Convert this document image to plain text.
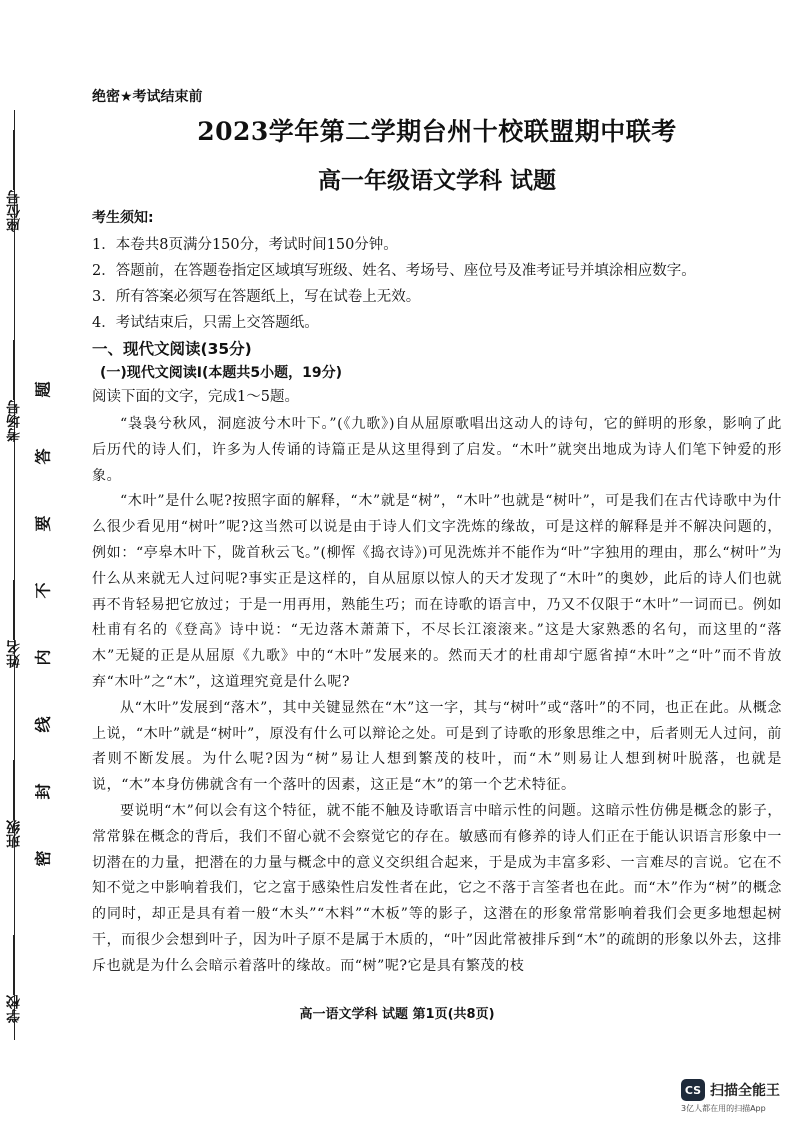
学校
班级
姓名
考场号
座位号
题
答
要
不
内
线
封
密
绝密★考试结束前
2023学年第二学期台州十校联盟期中联考
高一年级语文学科 试题
考生须知:
1．本卷共8页满分150分，考试时间150分钟。
2．答题前，在答题卷指定区域填写班级、姓名、考场号、座位号及准考证号并填涂相应数字。
3．所有答案必须写在答题纸上，写在试卷上无效。
4．考试结束后，只需上交答题纸。
一、现代文阅读(35分)
(一)现代文阅读Ⅰ(本题共5小题，19分)
阅读下面的文字，完成1～5题。

“袅袅兮秋风，洞庭波兮木叶下。”(《九歌》)自从屈原歌唱出这动人的诗句，它的鲜明的形象，影响了此后历代的诗人们，许多为人传诵的诗篇正是从这里得到了启发。“木叶”就突出地成为诗人们笔下钟爱的形象。

“木叶”是什么呢?按照字面的解释，“木”就是“树”，“木叶”也就是“树叶”，可是我们在古代诗歌中为什么很少看见用“树叶”呢?这当然可以说是由于诗人们文字洗炼的缘故，可是这样的解释是并不解决问题的，例如：“亭皋木叶下，陇首秋云飞。”(柳恽《捣衣诗》)可见洗炼并不能作为“叶”字独用的理由，那么“树叶”为什么从来就无人过问呢?事实正是这样的，自从屈原以惊人的天才发现了“木叶”的奥妙，此后的诗人们也就再不肯轻易把它放过；于是一用再用，熟能生巧；而在诗歌的语言中，乃又不仅限于“木叶”一词而已。例如杜甫有名的《登高》诗中说：“无边落木萧萧下，不尽长江滚滚来。”这是大家熟悉的名句，而这里的“落木”无疑的正是从屈原《九歌》中的“木叶”发展来的。然而天才的杜甫却宁愿省掉“木叶”之“叶”而不肯放弃“木叶”之“木”，这道理究竟是什么呢?

从“木叶”发展到“落木”，其中关键显然在“木”这一字，其与“树叶”或“落叶”的不同，也正在此。从概念上说，“木叶”就是“树叶”，原没有什么可以辩论之处。可是到了诗歌的形象思维之中，后者则无人过问，前者则不断发展。为什么呢?因为“树”易让人想到繁茂的枝叶，而“木”则易让人想到树叶脱落，也就是说，“木”本身仿佛就含有一个落叶的因素，这正是“木”的第一个艺术特征。

要说明“木”何以会有这个特征，就不能不触及诗歌语言中暗示性的问题。这暗示性仿佛是概念的影子，常常躲在概念的背后，我们不留心就不会察觉它的存在。敏感而有修养的诗人们正在于能认识语言形象中一切潜在的力量，把潜在的力量与概念中的意义交织组合起来，于是成为丰富多彩、一言难尽的言说。它在不知不觉之中影响着我们，它之富于感染性启发性者在此，它之不落于言筌者也在此。而“木”作为“树”的概念的同时，却正是具有着一般“木头”“木料”“木板”等的影子，这潜在的形象常常影响着我们会更多地想起树干，而很少会想到叶子，因为叶子原不是属于木质的，“叶”因此常被排斥到“木”的疏朗的形象以外去，这排斥也就是为什么会暗示着落叶的缘故。而“树”呢?它是具有繁茂的枝

高一语文学科 试题 第1页(共8页)
CS 扫描全能王
3亿人都在用的扫描App
